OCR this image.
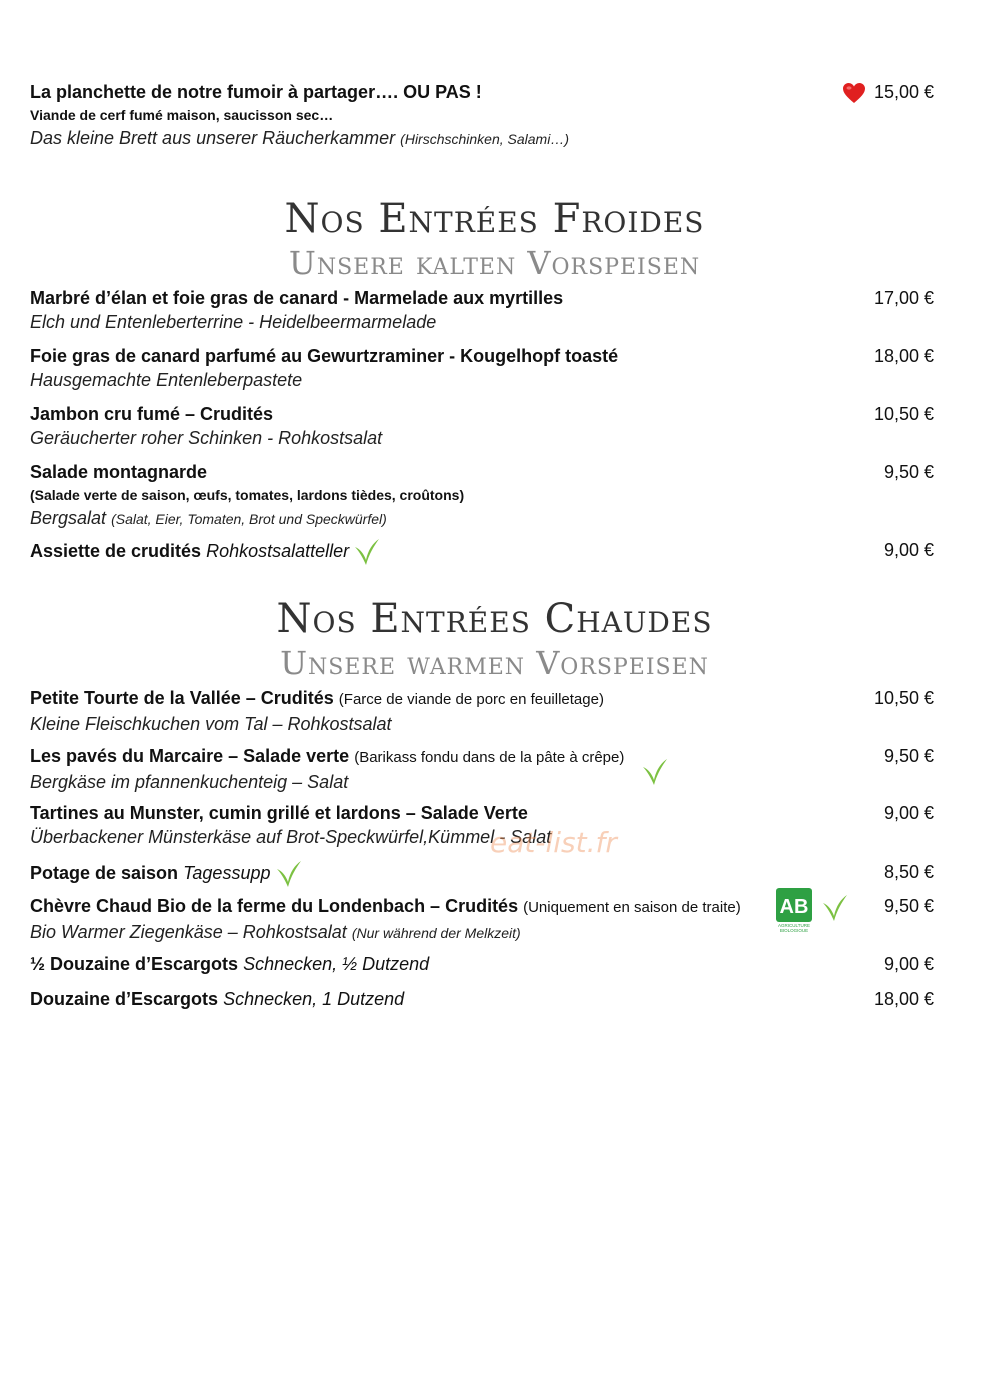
La planchette de notre fumoir à partager…. OU PAS !
Viande de cerf fumé maison, saucisson sec…
Das kleine Brett aus unserer Räucherkammer (Hirschschinken, Salami…)
15,00 €
Nos Entrées Froides
Unsere kalten Vorspeisen
Marbré d’élan et foie gras de canard - Marmelade aux myrtilles
Elch und Entenleberterrine - Heidelbeermarmelade
17,00 €
Foie gras de canard parfumé au Gewurtzraminer - Kougelhopf toasté
Hausgemachte Entenleberpastete
18,00 €
Jambon cru fumé – Crudités
Geräucherter roher Schinken - Rohkostsalat
10,50 €
Salade montagnarde
(Salade verte de saison, œufs, tomates, lardons tièdes, croûtons)
Bergsalat (Salat, Eier, Tomaten, Brot und Speckwürfel)
9,50 €
Assiette de crudités Rohkostsalatteller	9,00 €
Nos Entrées Chaudes
Unsere warmen Vorspeisen
Petite Tourte de la Vallée – Crudités (Farce de viande de porc en feuilletage)
Kleine Fleischkuchen vom Tal – Rohkostsalat
10,50 €
Les pavés du Marcaire – Salade verte (Barikass fondu dans de la pâte à crêpe)
Bergkäse im pfannenkuchenteig – Salat
9,50 €
Tartines au Munster, cumin grillé et lardons – Salade Verte
Überbackener Münsterkäse auf Brot-Speckwürfel,Kümmel - Salat
9,00 €
Potage de saison Tagessupp	8,50 €
Chèvre Chaud Bio de la ferme du Londenbach – Crudités (Uniquement en saison de traite)
Bio Warmer Ziegenkäse – Rohkostsalat (Nur während der Melkzeit)
AB
AGRICULTURE
BIOLOGIQUE
9,50 €
½ Douzaine d’Escargots Schnecken, ½ Dutzend	9,00 €
Douzaine d’Escargots Schnecken, 1 Dutzend	18,00 €
eat-list.fr
